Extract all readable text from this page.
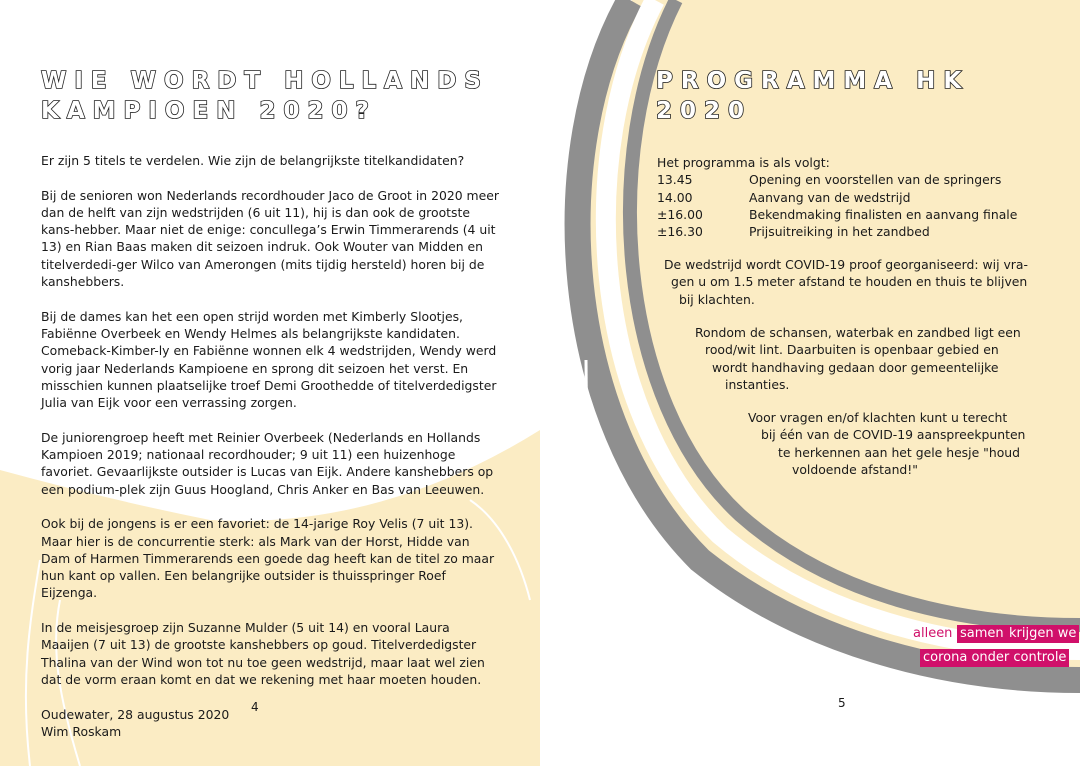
WIE WORDT HOLLANDS
KAMPIOEN 2020?

Er zijn 5 titels te verdelen. Wie zijn de belangrijkste titelkandidaten?

Bij de senioren won Nederlands recordhouder Jaco de Groot in 2020 meer dan de helft van zijn wedstrijden (6 uit 11), hij is dan ook de grootste kans-hebber. Maar niet de enige: concullega’s Erwin Timmerarends (4 uit 13) en Rian Baas maken dit seizoen indruk. Ook Wouter van Midden en titelverdedi-ger Wilco van Amerongen (mits tijdig hersteld) horen bij de kanshebbers.

Bij de dames kan het een open strijd worden met Kimberly Slootjes, Fabiënne Overbeek en Wendy Helmes als belangrijkste kandidaten. Comeback-Kimber-ly en Fabiënne wonnen elk 4 wedstrijden, Wendy werd vorig jaar Nederlands Kampioene en sprong dit seizoen het verst. En misschien kunnen plaatselijke troef Demi Groothedde of titelverdedigster Julia van Eijk voor een verrassing zorgen.

De juniorengroep heeft met Reinier Overbeek (Nederlands en Hollands Kampioen 2019; nationaal recordhouder; 9 uit 11) een huizenhoge favoriet. Gevaarlijkste outsider is Lucas van Eijk. Andere kanshebbers op een podium-plek zijn Guus Hoogland, Chris Anker en Bas van Leeuwen.

Ook bij de jongens is er een favoriet: de 14-jarige Roy Velis (7 uit 13). Maar hier is de concurrentie sterk: als Mark van der Horst, Hidde van Dam of Harmen Timmerarends een goede dag heeft kan de titel zo maar hun kant op vallen. Een belangrijke outsider is thuisspringer Roef Eijzenga.

In de meisjesgroep zijn Suzanne Mulder (5 uit 14) en vooral Laura Maaijen (7 uit 13) de grootste kanshebbers op goud. Titelverdedigster Thalina van der Wind won tot nu toe geen wedstrijd, maar laat wel zien dat de vorm eraan komt en dat we rekening met haar moeten houden.

Oudewater, 28 augustus 2020
Wim Roskam

4
PROGRAMMA HK 2020
Het programma is als volgt:
13.45	Opening en voorstellen van de springers
14.00	Aanvang van de wedstrijd
±16.00	Bekendmaking finalisten en aanvang finale
±16.30	Prijsuitreiking in het zandbed
De wedstrijd wordt COVID-19 proof georganiseerd: wij vra-
gen u om 1.5 meter afstand te houden en thuis te blijven
bij klachten.
Rondom de schansen, waterbak en zandbed ligt een
rood/wit lint. Daarbuiten is openbaar gebied en
wordt handhaving gedaan door gemeentelijke
instanties.
Voor vragen en/of klachten kunt u terecht
bij één van de COVID-19 aanspreekpunten
te herkennen aan het gele hesje "houd
voldoende afstand!"
alleen samen krijgen we
corona onder controle
5
